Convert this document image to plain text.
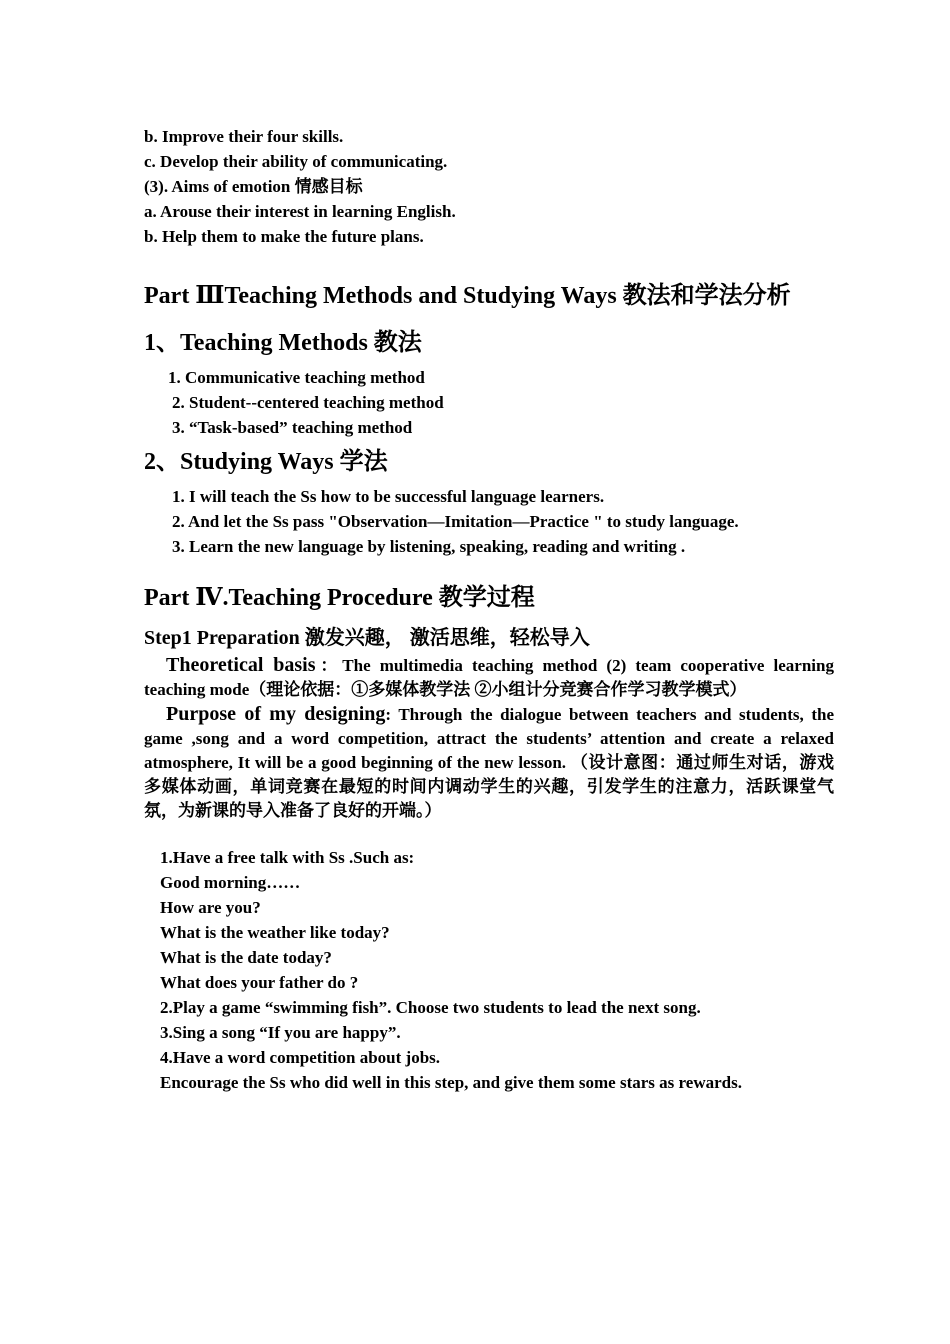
b. Improve their four skills.
c. Develop their ability of communicating.
(3). Aims of emotion 情感目标
a. Arouse their interest in learning English.
b. Help them to make the future plans.
Part ⅢTeaching Methods and Studying Ways 教法和学法分析
1、Teaching Methods 教法
1. Communicative teaching method
2. Student--centered teaching method
3. “Task-based” teaching method
2、Studying Ways 学法
1. I will teach the Ss how to be successful language learners.
2. And let the Ss pass "Observation—Imitation—Practice " to study language.
3. Learn the new language by listening, speaking, reading and writing .
Part Ⅳ.Teaching Procedure 教学过程
Step1 Preparation 激发兴趣， 激活思维，轻松导入
Theoretical basis：The multimedia teaching method (2) team cooperative learning teaching mode（理论依据：①多媒体教学法 ②小组计分竞赛合作学习教学模式）
Purpose of my designing: Through the dialogue between teachers and students, the game ,song and a word competition, attract the students’ attention and create a relaxed atmosphere, It will be a good beginning of the new lesson. （设计意图：通过师生对话，游戏多媒体动画，单词竞赛在最短的时间内调动学生的兴趣，引发学生的注意力，活跃课堂气氛，为新课的导入准备了良好的开端。）
1.Have a free talk with Ss .Such as:
Good morning……
How are you?
What is the weather like today?
What is the date today?
What does your father do ?
2.Play a game “swimming fish”. Choose two students to lead the next song.
3.Sing a song “If you are happy”.
4.Have a word competition about jobs.
Encourage the Ss who did well in this step, and give them some stars as rewards.
